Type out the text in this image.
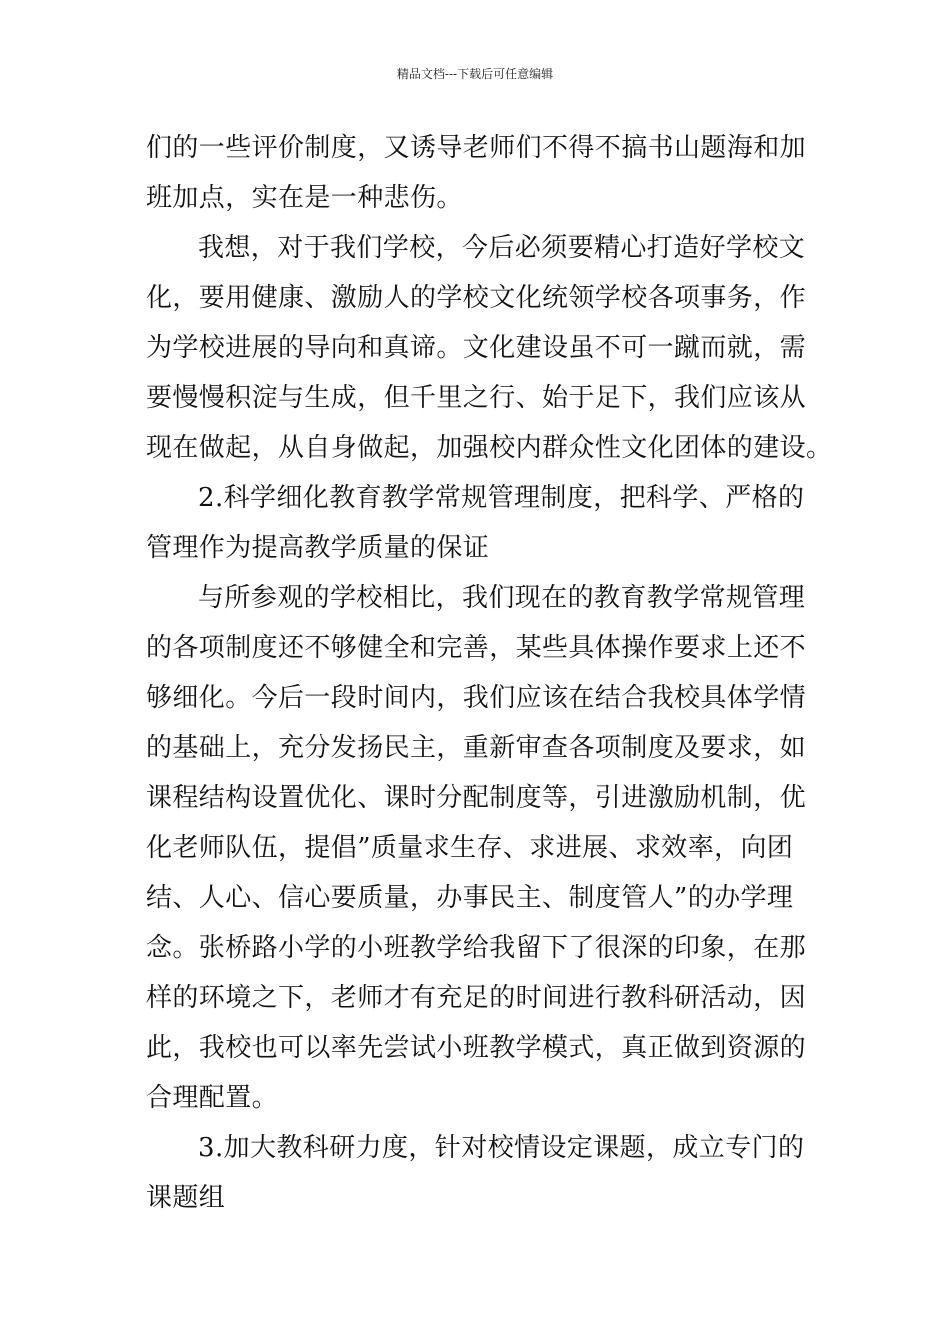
精品文档---下载后可任意编辑
们的一些评价制度，又诱导老师们不得不搞书山题海和加
班加点，实在是一种悲伤。
我想，对于我们学校，今后必须要精心打造好学校文
化，要用健康、激励人的学校文化统领学校各项事务，作
为学校进展的导向和真谛。文化建设虽不可一蹴而就，需
要慢慢积淀与生成，但千里之行、始于足下，我们应该从
现在做起，从自身做起，加强校内群众性文化团体的建设。
2.科学细化教育教学常规管理制度，把科学、严格的
管理作为提高教学质量的保证
与所参观的学校相比，我们现在的教育教学常规管理
的各项制度还不够健全和完善，某些具体操作要求上还不
够细化。今后一段时间内，我们应该在结合我校具体学情
的基础上，充分发扬民主，重新审查各项制度及要求，如
课程结构设置优化、课时分配制度等，引进激励机制，优
化老师队伍，提倡”质量求生存、求进展、求效率，向团
结、人心、信心要质量，办事民主、制度管人”的办学理
念。张桥路小学的小班教学给我留下了很深的印象，在那
样的环境之下，老师才有充足的时间进行教科研活动，因
此，我校也可以率先尝试小班教学模式，真正做到资源的
合理配置。
3.加大教科研力度，针对校情设定课题，成立专门的
课题组
